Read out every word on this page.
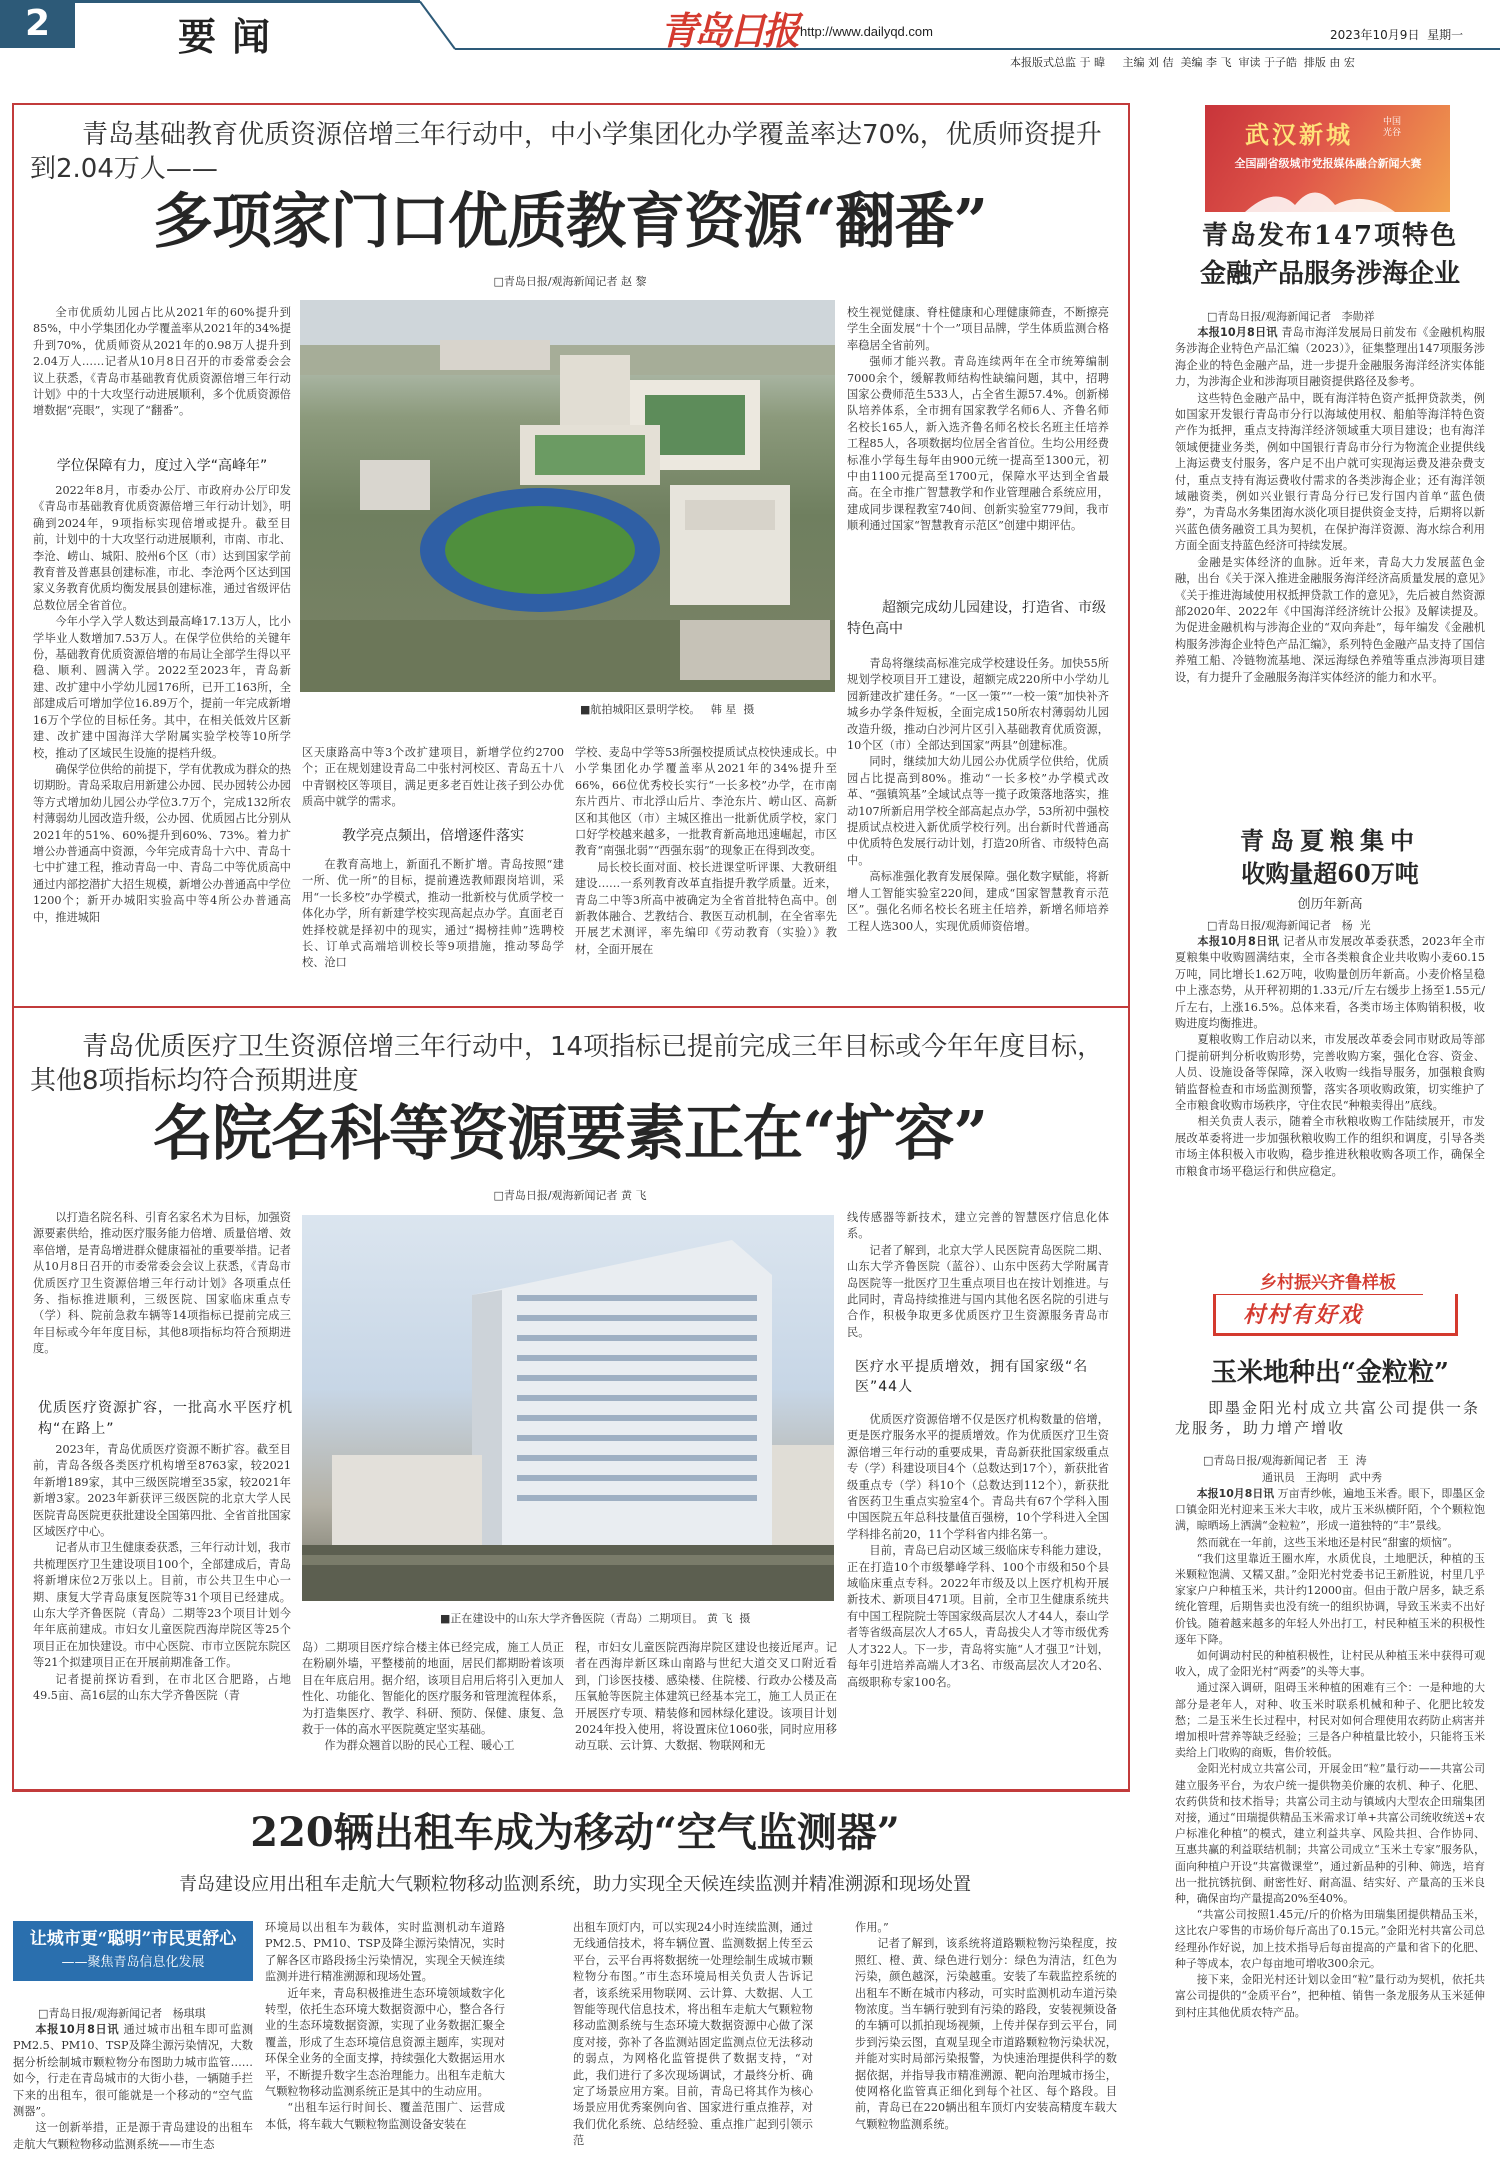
2	要闻	青岛日报 http://www.dailyqd.com	2023年10月9日  星期一
本报版式总监 于 暐     主编 刘 佶  美编 李 飞  审读 于子皓  排版 由 宏
青岛基础教育优质资源倍增三年行动中，中小学集团化办学覆盖率达70%，优质师资提升到2.04万人——
多项家门口优质教育资源“翻番”
□青岛日报/观海新闻记者 赵 黎
全市优质幼儿园占比从2021年的60%提升到85%，中小学集团化办学覆盖率从2021年的34%提升到70%，优质师资从2021年的0.98万人提升到2.04万人……记者从10月8日召开的市委常委会会议上获悉，《青岛市基础教育优质资源倍增三年行动计划》中的十大攻坚行动进展顺利，多个优质资源倍增数据“亮眼”，实现了“翻番”。
学位保障有力，度过入学“高峰年”
2022年8月，市委办公厅、市政府办公厅印发《青岛市基础教育优质资源倍增三年行动计划》，明确到2024年，9项指标实现倍增或提升。截至目前，计划中的十大攻坚行动进展顺利，市南、市北、李沧、崂山、城阳、胶州6个区（市）达到国家学前教育普及普惠县创建标准，市北、李沧两个区达到国家义务教育优质均衡发展县创建标准，通过省级评估总数位居全省首位。
今年小学入学人数达到最高峰17.13万人，比小学毕业人数增加7.53万人。在保学位供给的关键年份，基础教育优质资源倍增的布局让全部学生得以平稳、顺利、圆满入学。2022至2023年，青岛新建、改扩建中小学幼儿园176所，已开工163所，全部建成后可增加学位16.89万个，提前一年完成新增16万个学位的目标任务。其中，在相关低效片区新建、改扩建中国海洋大学附属实验学校等10所学校，推动了区域民生设施的提档升级。
确保学位供给的前提下，学有优教成为群众的热切期盼。青岛采取启用新建公办园、民办园转公办园等方式增加幼儿园公办学位3.7万个，完成132所农村薄弱幼儿园改造升级，公办园、优质园占比分别从2021年的51%、60%提升到60%、73%。着力扩增公办普通高中资源，今年完成青岛十六中、青岛十七中扩建工程，推动青岛一中、青岛二中等优质高中通过内部挖潜扩大招生规模，新增公办普通高中学位1200个；新开办城阳实验高中等4所公办普通高中，推进城阳
■航拍城阳区景明学校。   韩 星  摄
区天康路高中等3个改扩建项目，新增学位约2700个；正在规划建设青岛二中张村河校区、青岛五十八中青钢校区等项目，满足更多老百姓让孩子到公办优质高中就学的需求。
教学亮点频出，倍增逐件落实
在教育高地上，新面孔不断扩增。青岛按照“建一所、优一所”的目标，提前遴选教师跟岗培训，采用“一长多校”办学模式，推动一批新校与优质学校一体化办学，所有新建学校实现高起点办学。直面老百姓择校就是择初中的现实，通过“揭榜挂帅”选聘校长、订单式高端培训校长等9项措施，推动琴岛学校、沧口
学校、麦岛中学等53所强校提质试点校快速成长。中小学集团化办学覆盖率从2021年的34%提升至66%，66位优秀校长实行“一长多校”办学，在市南东片西片、市北浮山后片、李沧东片、崂山区、高新区和其他区（市）主城区推出一批新优质学校，家门口好学校越来越多，一批教育新高地迅速崛起，市区教育“南强北弱”“西强东弱”的现象正在得到改变。
局长校长面对面、校长进课堂听评课、大教研组建设……一系列教育改革直指提升教学质量。近来，青岛二中等3所高中被确定为全省首批特色高中。创新教体融合、艺教结合、教医互动机制，在全省率先开展艺术测评，率先编印《劳动教育（实验）》教材，全面开展在
校生视觉健康、脊柱健康和心理健康筛查，不断擦亮学生全面发展“十个一”项目品牌，学生体质监测合格率稳居全省前列。
强师才能兴教。青岛连续两年在全市统筹编制7000余个，缓解教师结构性缺编问题，其中，招聘国家公费师范生533人，占全省生源57.4%。创新梯队培养体系，全市拥有国家教学名师6人、齐鲁名师名校长165人，新入选齐鲁名师名校长名班主任培养工程85人，各项数据均位居全省首位。生均公用经费标准小学每生每年由900元统一提高至1300元，初中由1100元提高至1700元，保障水平达到全省最高。在全市推广智慧教学和作业管理融合系统应用，建成同步课程教室740间、创新实验室779间，我市顺利通过国家“智慧教育示范区”创建中期评估。
超额完成幼儿园建设，打造省、市级特色高中
青岛将继续高标准完成学校建设任务。加快55所规划学校项目开工建设，超额完成220所中小学幼儿园新建改扩建任务。“一区一策”“一校一策”加快补齐城乡办学条件短板，全面完成150所农村薄弱幼儿园改造升级，推动白沙河片区引入基础教育优质资源，10个区（市）全部达到国家“两县”创建标准。
同时，继续加大幼儿园公办优质学位供给，优质园占比提高到80%。推动“一长多校”办学模式改革、“强镇筑基”全域试点等一揽子政策落地落实，推动107所新启用学校全部高起点办学，53所初中强校提质试点校进入新优质学校行列。出台新时代普通高中优质特色发展行动计划，打造20所省、市级特色高中。
高标准强化教育发展保障。强化数字赋能，将新增人工智能实验室220间，建成“国家智慧教育示范区”。强化名师名校长名班主任培养，新增名师培养工程人选300人，实现优质师资倍增。
青岛优质医疗卫生资源倍增三年行动中，14项指标已提前完成三年目标或今年年度目标，其他8项指标均符合预期进度
名院名科等资源要素正在“扩容”
□青岛日报/观海新闻记者 黄 飞
以打造名院名科、引育名家名术为目标，加强资源要素供给，推动医疗服务能力倍增、质量倍增、效率倍增，是青岛增进群众健康福祉的重要举措。记者从10月8日召开的市委常委会会议上获悉，《青岛市优质医疗卫生资源倍增三年行动计划》各项重点任务、指标推进顺利，三级医院、国家临床重点专（学）科、院前急救车辆等14项指标已提前完成三年目标或今年年度目标，其他8项指标均符合预期进度。
优质医疗资源扩容，一批高水平医疗机构“在路上”
2023年，青岛优质医疗资源不断扩容。截至目前，青岛各级各类医疗机构增至8763家，较2021年新增189家，其中三级医院增至35家，较2021年新增3家。2023年新获评三级医院的北京大学人民医院青岛医院更获批建设全国第四批、全省首批国家区域医疗中心。
记者从市卫生健康委获悉，三年行动计划，我市共梳理医疗卫生建设项目100个，全部建成后，青岛将新增床位2万张以上。目前，市公共卫生中心一期、康复大学青岛康复医院等31个项目已经建成。山东大学齐鲁医院（青岛）二期等23个项目计划今年年底前建成。市妇女儿童医院西海岸院区等25个项目正在加快建设。市中心医院、市市立医院东院区等21个拟建项目正在开展前期准备工作。
记者提前探访看到，在市北区合肥路，占地49.5亩、高16层的山东大学齐鲁医院（青
■正在建设中的山东大学齐鲁医院（青岛）二期项目。 黄 飞  摄
岛）二期项目医疗综合楼主体已经完成，施工人员正在粉刷外墙，平整楼前的地面，居民们都期盼着该项目在年底启用。据介绍，该项目启用后将引入更加人性化、功能化、智能化的医疗服务和管理流程体系，为打造集医疗、教学、科研、预防、保健、康复、急救于一体的高水平医院奠定坚实基础。
作为群众翘首以盼的民心工程、暖心工
程，市妇女儿童医院西海岸院区建设也接近尾声。记者在西海岸新区珠山南路与世纪大道交叉口附近看到，门诊医技楼、感染楼、住院楼、行政办公楼及高压氧舱等医院主体建筑已经基本完工，施工人员正在开展医疗专项、精装修和园林绿化建设。该项目计划2024年投入使用，将设置床位1060张，同时应用移动互联、云计算、大数据、物联网和无
线传感器等新技术，建立完善的智慧医疗信息化体系。
记者了解到，北京大学人民医院青岛医院二期、山东大学齐鲁医院（蓝谷）、山东中医药大学附属青岛医院等一批医疗卫生重点项目也在按计划推进。与此同时，青岛持续推进与国内其他名医名院的引进与合作，积极争取更多优质医疗卫生资源服务青岛市民。
医疗水平提质增效，拥有国家级“名医”44人
优质医疗资源倍增不仅是医疗机构数量的倍增，更是医疗服务水平的提质增效。作为优质医疗卫生资源倍增三年行动的重要成果，青岛新获批国家级重点专（学）科建设项目4个（总数达到17个），新获批省级重点专（学）科10个（总数达到112个），新获批省医药卫生重点实验室4个。青岛共有67个学科入围中国医院五年总科技量值百强榜，10个学科进入全国学科排名前20，11个学科省内排名第一。
目前，青岛已启动区域三级临床专科能力建设，正在打造10个市级攀峰学科、100个市级和50个县域临床重点专科。2022年市级及以上医疗机构开展新技术、新项目471项。目前，全市卫生健康系统共有中国工程院院士等国家级高层次人才44人，泰山学者等省级高层次人才65人，青岛拔尖人才等市级优秀人才322人。下一步，青岛将实施“人才强卫”计划，每年引进培养高端人才3名、市级高层次人才20名、高级职称专家100名。
220辆出租车成为移动“空气监测器”
青岛建设应用出租车走航大气颗粒物移动监测系统，助力实现全天候连续监测并精准溯源和现场处置
让城市更“聪明”市民更舒心
——聚焦青岛信息化发展
□青岛日报/观海新闻记者   杨琪琪
本报10月8日讯 通过城市出租车即可监测PM2.5、PM10、TSP及降尘源污染情况，大数据分析绘制城市颗粒物分布图助力城市监管……如今，行走在青岛城市的大街小巷，一辆随手拦下来的出租车，很可能就是一个移动的“空气监测器”。
这一创新举措，正是源于青岛建设的出租车走航大气颗粒物移动监测系统——市生态
环境局以出租车为载体，实时监测机动车道路PM2.5、PM10、TSP及降尘源污染情况，实时了解各区市路段扬尘污染情况，实现全天候连续监测并进行精准溯源和现场处置。
近年来，青岛积极推进生态环境领域数字化转型，依托生态环境大数据资源中心，整合各行业的生态环境数据资源，实现了业务数据汇聚全覆盖，形成了生态环境信息资源主题库，实现对环保全业务的全面支撑，持续强化大数据运用水平，不断提升数字生态治理能力。出租车走航大气颗粒物移动监测系统正是其中的生动应用。
“出租车运行时间长、覆盖范围广、运营成本低，将车载大气颗粒物监测设备安装在
出租车顶灯内，可以实现24小时连续监测，通过无线通信技术，将车辆位置、监测数据上传至云平台，云平台再将数据统一处理绘制生成城市颗粒物分布图。”市生态环境局相关负责人告诉记者，该系统采用物联网、云计算、大数据、人工智能等现代信息技术，将出租车走航大气颗粒物移动监测系统与生态环境大数据资源中心做了深度对接，弥补了各监测站固定监测点位无法移动的弱点，为网格化监管提供了数据支持，“对此，我们进行了多次现场调试，才最终分析、确定了场景应用方案。目前，青岛已将其作为核心场景应用优秀案例向省、国家进行重点推荐，对我们优化系统、总结经验、重点推广起到引领示范
作用。”
记者了解到，该系统将道路颗粒物污染程度，按照红、橙、黄、绿色进行划分：绿色为清洁，红色为污染，颜色越深，污染越重。安装了车载监控系统的出租车不断在城市内移动，可实时监测机动车道污染物浓度。当车辆行驶到有污染的路段，安装视频设备的车辆可以抓拍现场视频，上传并保存到云平台，同步到污染云图，直观呈现全市道路颗粒物污染状况，并能对实时局部污染报警，为快速治理提供科学的数据依据，并指导我市精准溯源、靶向治理城市扬尘，使网格化监管真正细化到每个社区、每个路段。目前，青岛已在220辆出租车顶灯内安装高精度车载大气颗粒物监测系统。
武汉新城	中国光谷
全国副省级城市党报媒体融合新闻大赛
青岛发布147项特色
金融产品服务涉海企业
□青岛日报/观海新闻记者   李勋祥
本报10月8日讯 青岛市海洋发展局日前发布《金融机构服务涉海企业特色产品汇编（2023）》，征集整理出147项服务涉海企业的特色金融产品，进一步提升金融服务海洋经济实体能力，为涉海企业和涉海项目融资提供路径及参考。
这些特色金融产品中，既有海洋特色资产抵押贷款类，例如国家开发银行青岛市分行以海域使用权、船舶等海洋特色资产作为抵押，重点支持海洋经济领域重大项目建设；也有海洋领域便捷业务类，例如中国银行青岛市分行为物流企业提供线上海运费支付服务，客户足不出户就可实现海运费及港杂费支付，重点支持有海运费收付需求的各类涉海企业；还有海洋领域融资类，例如兴业银行青岛分行已发行国内首单“蓝色债券”，为青岛水务集团海水淡化项目提供资金支持，后期将以新兴蓝色债务融资工具为契机，在保护海洋资源、海水综合利用方面全面支持蓝色经济可持续发展。
金融是实体经济的血脉。近年来，青岛大力发展蓝色金融，出台《关于深入推进金融服务海洋经济高质量发展的意见》《关于推进海域使用权抵押贷款工作的意见》，先后被自然资源部2020年、2022年《中国海洋经济统计公报》及解读提及。为促进金融机构与涉海企业的“双向奔赴”，每年编发《金融机构服务涉海企业特色产品汇编》，系列特色金融产品支持了国信养殖工船、冷链物流基地、深远海绿色养殖等重点涉海项目建设，有力提升了金融服务海洋实体经济的能力和水平。
青岛夏粮集中
收购量超60万吨
创历年新高
□青岛日报/观海新闻记者   杨  光
本报10月8日讯 记者从市发展改革委获悉，2023年全市夏粮集中收购圆满结束，全市各类粮食企业共收购小麦60.15万吨，同比增长1.62万吨，收购量创历年新高。小麦价格呈稳中上涨态势，从开秤初期的1.33元/斤左右缓步上扬至1.55元/斤左右，上涨16.5%。总体来看，各类市场主体购销积极，收购进度均衡推进。
夏粮收购工作启动以来，市发展改革委会同市财政局等部门提前研判分析收购形势，完善收购方案，强化仓容、资金、人员、设施设备等保障，深入收购一线指导服务，加强粮食购销监督检查和市场监测预警，落实各项收购政策，切实维护了全市粮食收购市场秩序，守住农民“种粮卖得出”底线。
相关负责人表示，随着全市秋粮收购工作陆续展开，市发展改革委将进一步加强秋粮收购工作的组织和调度，引导各类市场主体积极入市收购，稳步推进秋粮收购各项工作，确保全市粮食市场平稳运行和供应稳定。
乡村振兴齐鲁样板
村村有好戏
玉米地种出“金粒粒”
即墨金阳光村成立共富公司提供一条龙服务，助力增产增收
□青岛日报/观海新闻记者   王  涛
通讯员   王海明   武中秀
本报10月8日讯 万亩青纱帐，遍地玉米香。眼下，即墨区金口镇金阳光村迎来玉米大丰收，成片玉米纵横阡陌，个个颗粒饱满，晾晒场上洒满“金粒粒”，形成一道独特的“丰”景线。
然而就在一年前，这些玉米地还是村民“甜蜜的烦恼”。
“我们这里靠近王圈水库，水质优良，土地肥沃，种植的玉米颗粒饱满、又糯又甜。”金阳光村党委书记王新胜说，村里几乎家家户户种植玉米，共计约12000亩。但由于散户居多，缺乏系统化管理，后期售卖也没有统一的组织协调，导致玉米卖不出好价钱。随着越来越多的年轻人外出打工，村民种植玉米的积极性逐年下降。
如何调动村民的种植积极性，让村民从种植玉米中获得可观收入，成了金阳光村“两委”的头等大事。
通过深入调研，阻碍玉米种植的困难有三个：一是种地的大部分是老年人，对种、收玉米时联系机械和种子、化肥比较发愁；二是玉米生长过程中，村民对如何合理使用农药防止病害并增加根叶营养等缺乏经验；三是各户种植量比较小，只能将玉米卖给上门收购的商贩，售价较低。
金阳光村成立共富公司，开展金田“粒”量行动——共富公司建立服务平台，为农户统一提供物美价廉的农机、种子、化肥、农药供货和技术指导；共富公司主动与镇域内大型农企田瑞集团对接，通过“田瑞提供精品玉米需求订单+共富公司统收统送+农户标准化种植”的模式，建立利益共享、风险共担、合作协同、互惠共赢的利益联结机制；共富公司成立“玉米土专家”服务队，面向种植户开设“共富微课堂”，通过新品种的引种、筛选，培育出一批抗锈抗倒、耐密性好、耐高温、结实好、产量高的玉米良种，确保亩均产量提高20%至40%。
“共富公司按照1.45元/斤的价格为田瑞集团提供精品玉米，这比农户零售的市场价每斤高出了0.15元。”金阳光村共富公司总经理孙作好说，加上技术指导后每亩提高的产量和省下的化肥、种子等成本，农户每亩地可增收300余元。
接下来，金阳光村还计划以金田“粒”量行动为契机，依托共富公司提供的“金质平台”，把种植、销售一条龙服务从玉米延伸到村庄其他优质农特产品。
